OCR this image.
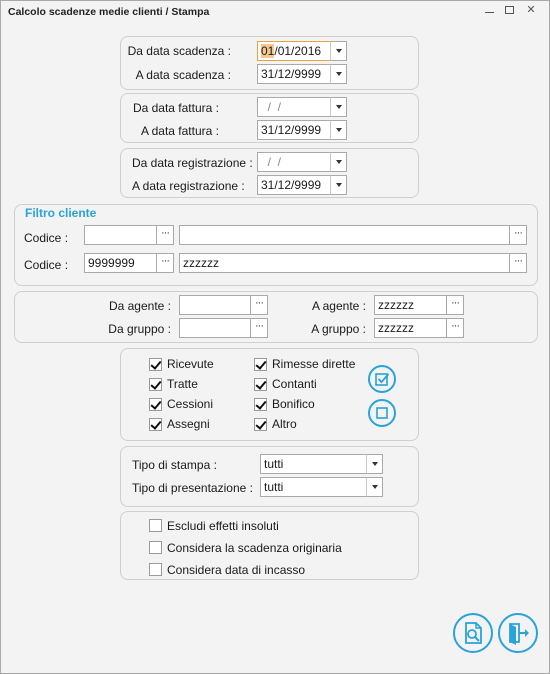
Calcolo scadenze medie clienti / Stampa	✕
Da data scadenza :	01/01/2016
A data scadenza :	31/12/9999
Da data fattura :	/  /
A data fattura :	31/12/9999
Da data registrazione : /  /
A data registrazione :	31/12/9999
Filtro cliente
Codice :	···	···
Codice :	9999999	···	zzzzzz	···
Da agente :	···	A agente :	zzzzzz	···
Da gruppo :	···	A gruppo :	zzzzzz	···
Ricevute
Tratte
Cessioni
Assegni
Rimesse dirette
Contanti
Bonifico
Altro
Tipo di stampa :	tutti
Tipo di presentazione : tutti
Escludi effetti insoluti
Considera la scadenza originaria
Considera data di incasso
